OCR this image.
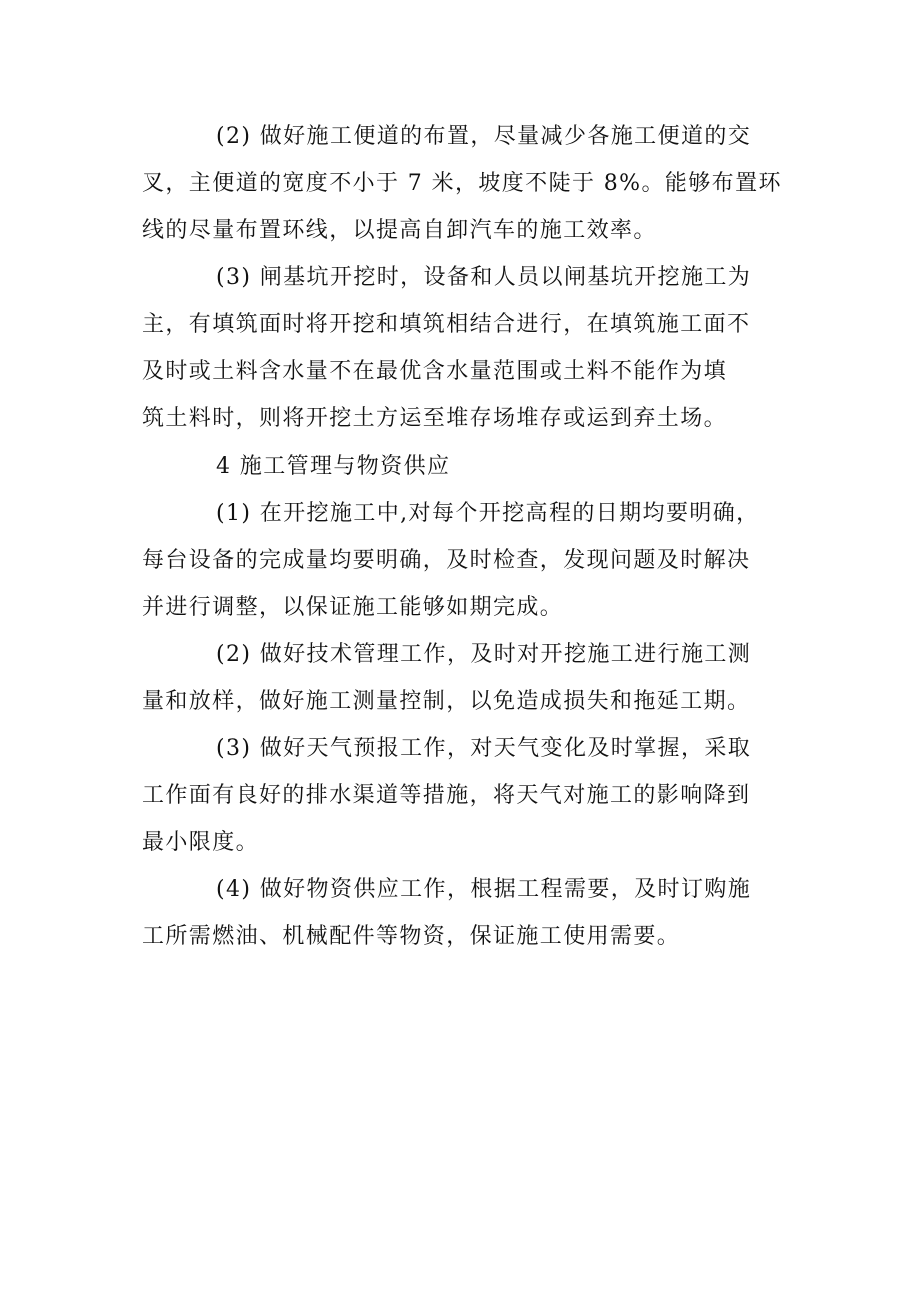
(2) 做好施工便道的布置，尽量减少各施工便道的交
叉，主便道的宽度不小于 7 米，坡度不陡于 8%。能够布置环
线的尽量布置环线，以提高自卸汽车的施工效率。
(3) 闸基坑开挖时，设备和人员以闸基坑开挖施工为
主，有填筑面时将开挖和填筑相结合进行，在填筑施工面不
及时或土料含水量不在最优含水量范围或土料不能作为填
筑土料时，则将开挖土方运至堆存场堆存或运到弃土场。
4 施工管理与物资供应
(1) 在开挖施工中,对每个开挖高程的日期均要明确，
每台设备的完成量均要明确，及时检查，发现问题及时解决
并进行调整，以保证施工能够如期完成。
(2) 做好技术管理工作，及时对开挖施工进行施工测
量和放样，做好施工测量控制，以免造成损失和拖延工期。
(3) 做好天气预报工作，对天气变化及时掌握，采取
工作面有良好的排水渠道等措施，将天气对施工的影响降到
最小限度。
(4) 做好物资供应工作，根据工程需要，及时订购施
工所需燃油、机械配件等物资，保证施工使用需要。
